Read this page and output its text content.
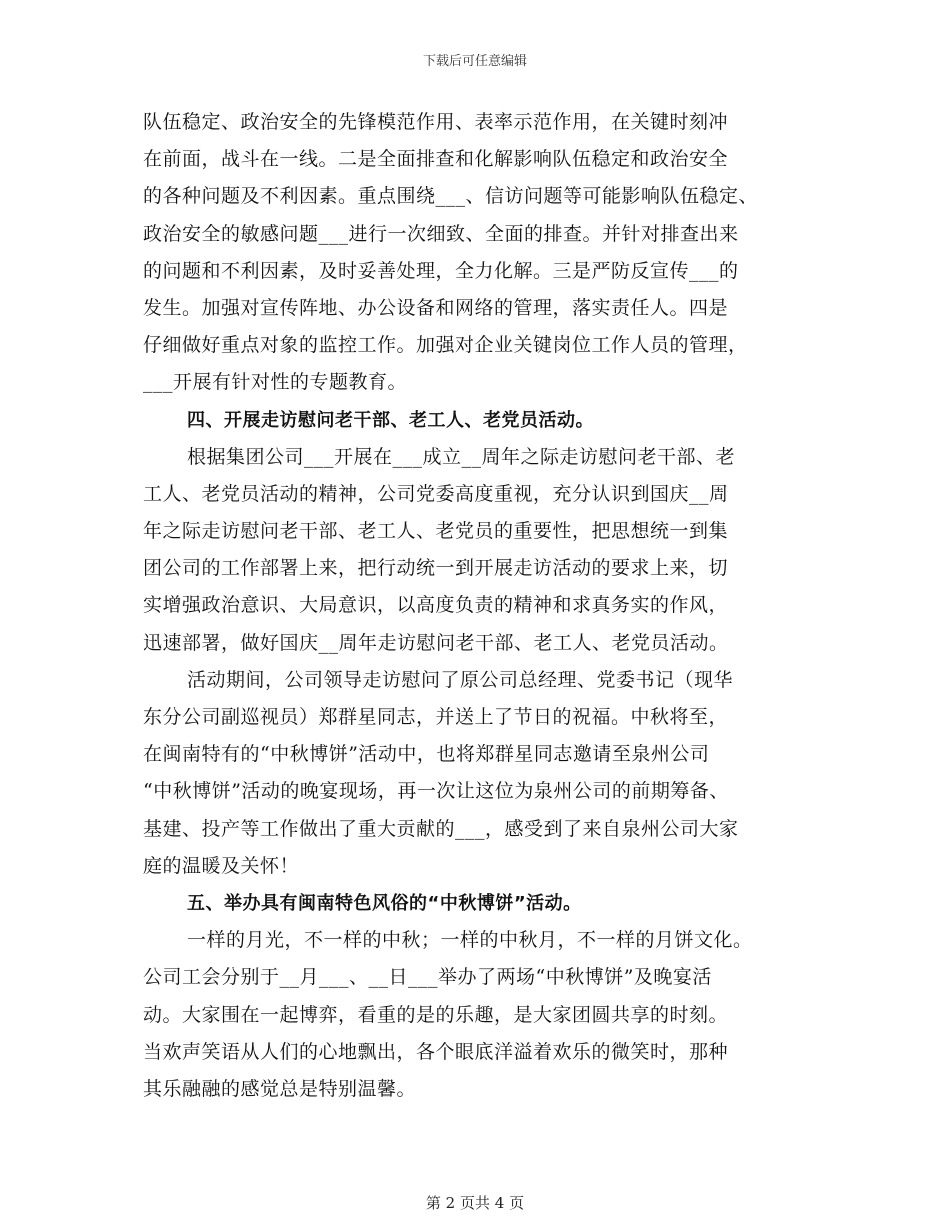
下载后可任意编辑
队伍稳定、政治安全的先锋模范作用、表率示范作用，在关键时刻冲
在前面，战斗在一线。二是全面排查和化解影响队伍稳定和政治安全
的各种问题及不利因素。重点围绕___、信访问题等可能影响队伍稳定、
政治安全的敏感问题___进行一次细致、全面的排查。并针对排查出来
的问题和不利因素，及时妥善处理，全力化解。三是严防反宣传___的
发生。加强对宣传阵地、办公设备和网络的管理，落实责任人。四是
仔细做好重点对象的监控工作。加强对企业关键岗位工作人员的管理，
___开展有针对性的专题教育。
四、开展走访慰问老干部、老工人、老党员活动。
根据集团公司___开展在___成立__周年之际走访慰问老干部、老
工人、老党员活动的精神，公司党委高度重视，充分认识到国庆__周
年之际走访慰问老干部、老工人、老党员的重要性，把思想统一到集
团公司的工作部署上来，把行动统一到开展走访活动的要求上来，切
实增强政治意识、大局意识，以高度负责的精神和求真务实的作风，
迅速部署，做好国庆__周年走访慰问老干部、老工人、老党员活动。
活动期间，公司领导走访慰问了原公司总经理、党委书记（现华
东分公司副巡视员）郑群星同志，并送上了节日的祝福。中秋将至，
在闽南特有的“中秋博饼”活动中，也将郑群星同志邀请至泉州公司
“中秋博饼”活动的晚宴现场，再一次让这位为泉州公司的前期筹备、
基建、投产等工作做出了重大贡献的___，感受到了来自泉州公司大家
庭的温暖及关怀！
五、举办具有闽南特色风俗的“中秋博饼”活动。
一样的月光，不一样的中秋；一样的中秋月，不一样的月饼文化。
公司工会分别于__月___、__日___举办了两场“中秋博饼”及晚宴活
动。大家围在一起博弈，看重的是的乐趣，是大家团圆共享的时刻。
当欢声笑语从人们的心地飘出，各个眼底洋溢着欢乐的微笑时，那种
其乐融融的感觉总是特别温馨。
第 2 页共 4 页
